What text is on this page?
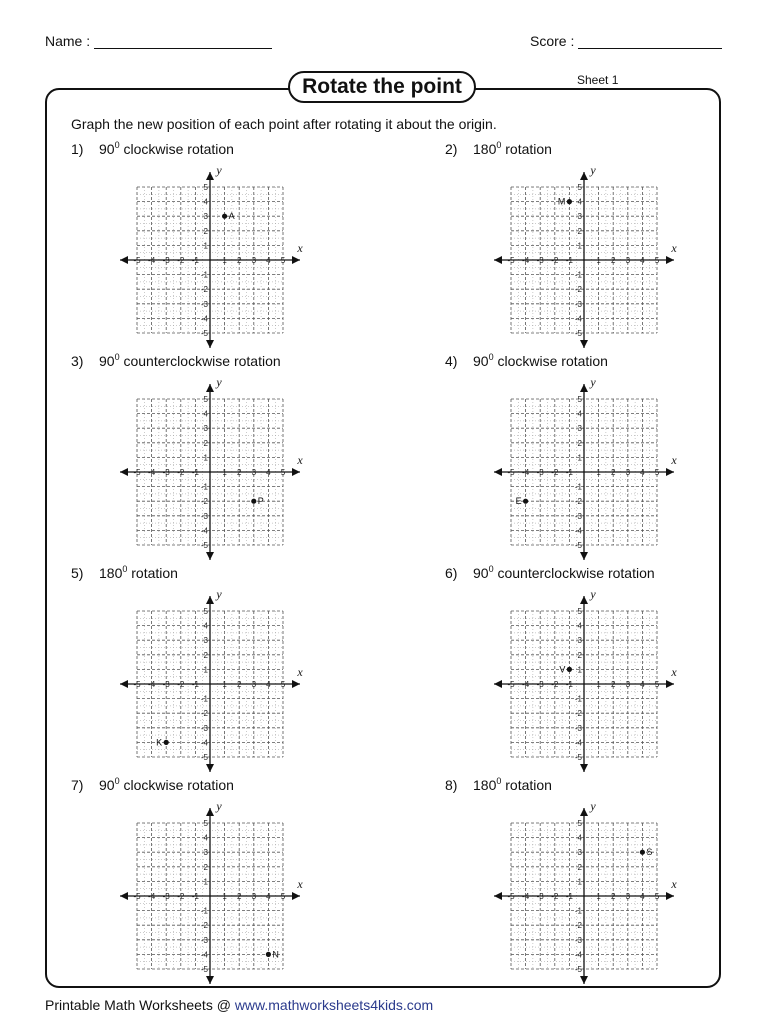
Name :	Score :
Rotate the point	Sheet 1
Graph the new position of each point after rotating it about the origin.
1) $90^0$ clockwise rotation	2) $180^0$ rotation
3) $90^0$ counterclockwise rotation	4) $90^0$ clockwise rotation
5) $180^0$ rotation	6) $90^0$ counterclockwise rotation
7) $90^0$ clockwise rotation	8) $180^0$ rotation
x
y
-5
-5
-4
-4
-3
-3
-2
-2
-1
-1
1
1
2
2
3
3
4
4
5
5
A
x
y
-5
-5
-4
-4
-3
-3
-2
-2
-1
-1
1
1
2
2
3
3
4
4
5
5
M
x
y
-5
-5
-4
-4
-3
-3
-2
-2
-1
-1
1
1
2
2
3
3
4
4
5
5
P
x
y
-5
-5
-4
-4
-3
-3
-2
-2
-1
-1
1
1
2
2
3
3
4
4
5
5
E
x
y
-5
-5
-4
-4
-3
-3
-2
-2
-1
-1
1
1
2
2
3
3
4
4
5
5
K
x
y
-5
-5
-4
-4
-3
-3
-2
-2
-1
-1
1
1
2
2
3
3
4
4
5
5
V
x
y
-5
-5
-4
-4
-3
-3
-2
-2
-1
-1
1
1
2
2
3
3
4
4
5
5
N
x
y
-5
-5
-4
-4
-3
-3
-2
-2
-1
-1
1
1
2
2
3
3
4
4
5
5
S
Printable Math Worksheets @ www.mathworksheets4kids.com
